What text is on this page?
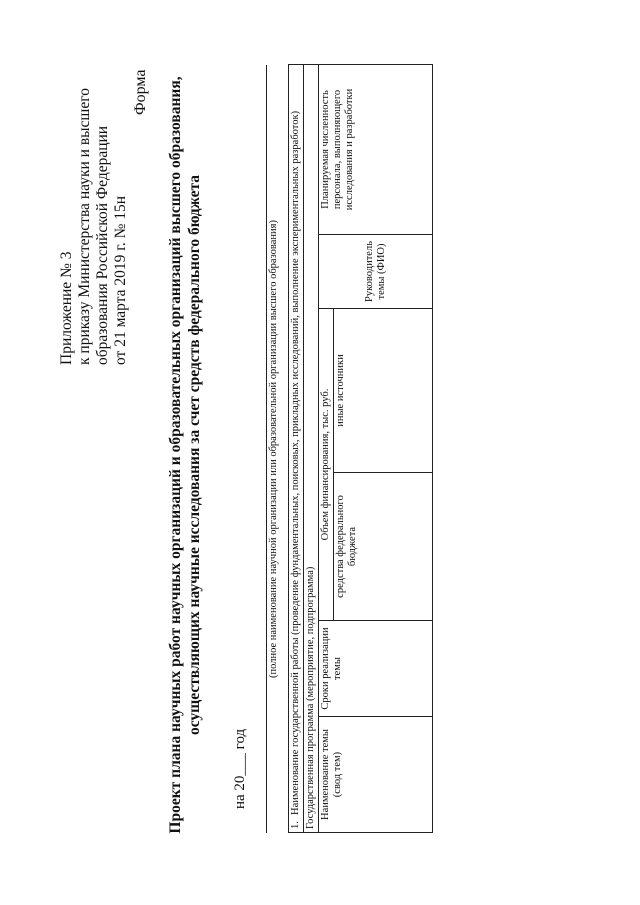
Приложение № 3 к приказу Министерства науки и высшего образования Российской Федерации от 21 марта 2019 г. № 15н
Форма Проект плана научных работ научных организаций и образовательных организаций высшего образования, осуществляющих научные исследования за счет средств федерального бюджета
на 20___ год
(полное наименование научной организации или образовательной организации высшего образования)
1.Наименование государственной работы (проведение фундаментальных, поисковых, прикладных исследований, выполнение экспериментальных разработок)					
Государственная программа (мероприятие, подпрограмма)					
Наименование темы (свод тем)	Сроки реализации темы	Объем финансирования, тыс. руб.		Руководитель темы (ФИО)	Планируемая численность персонала, выполняющего исследования и разработки
		средства федерального бюджета	иные источники		
